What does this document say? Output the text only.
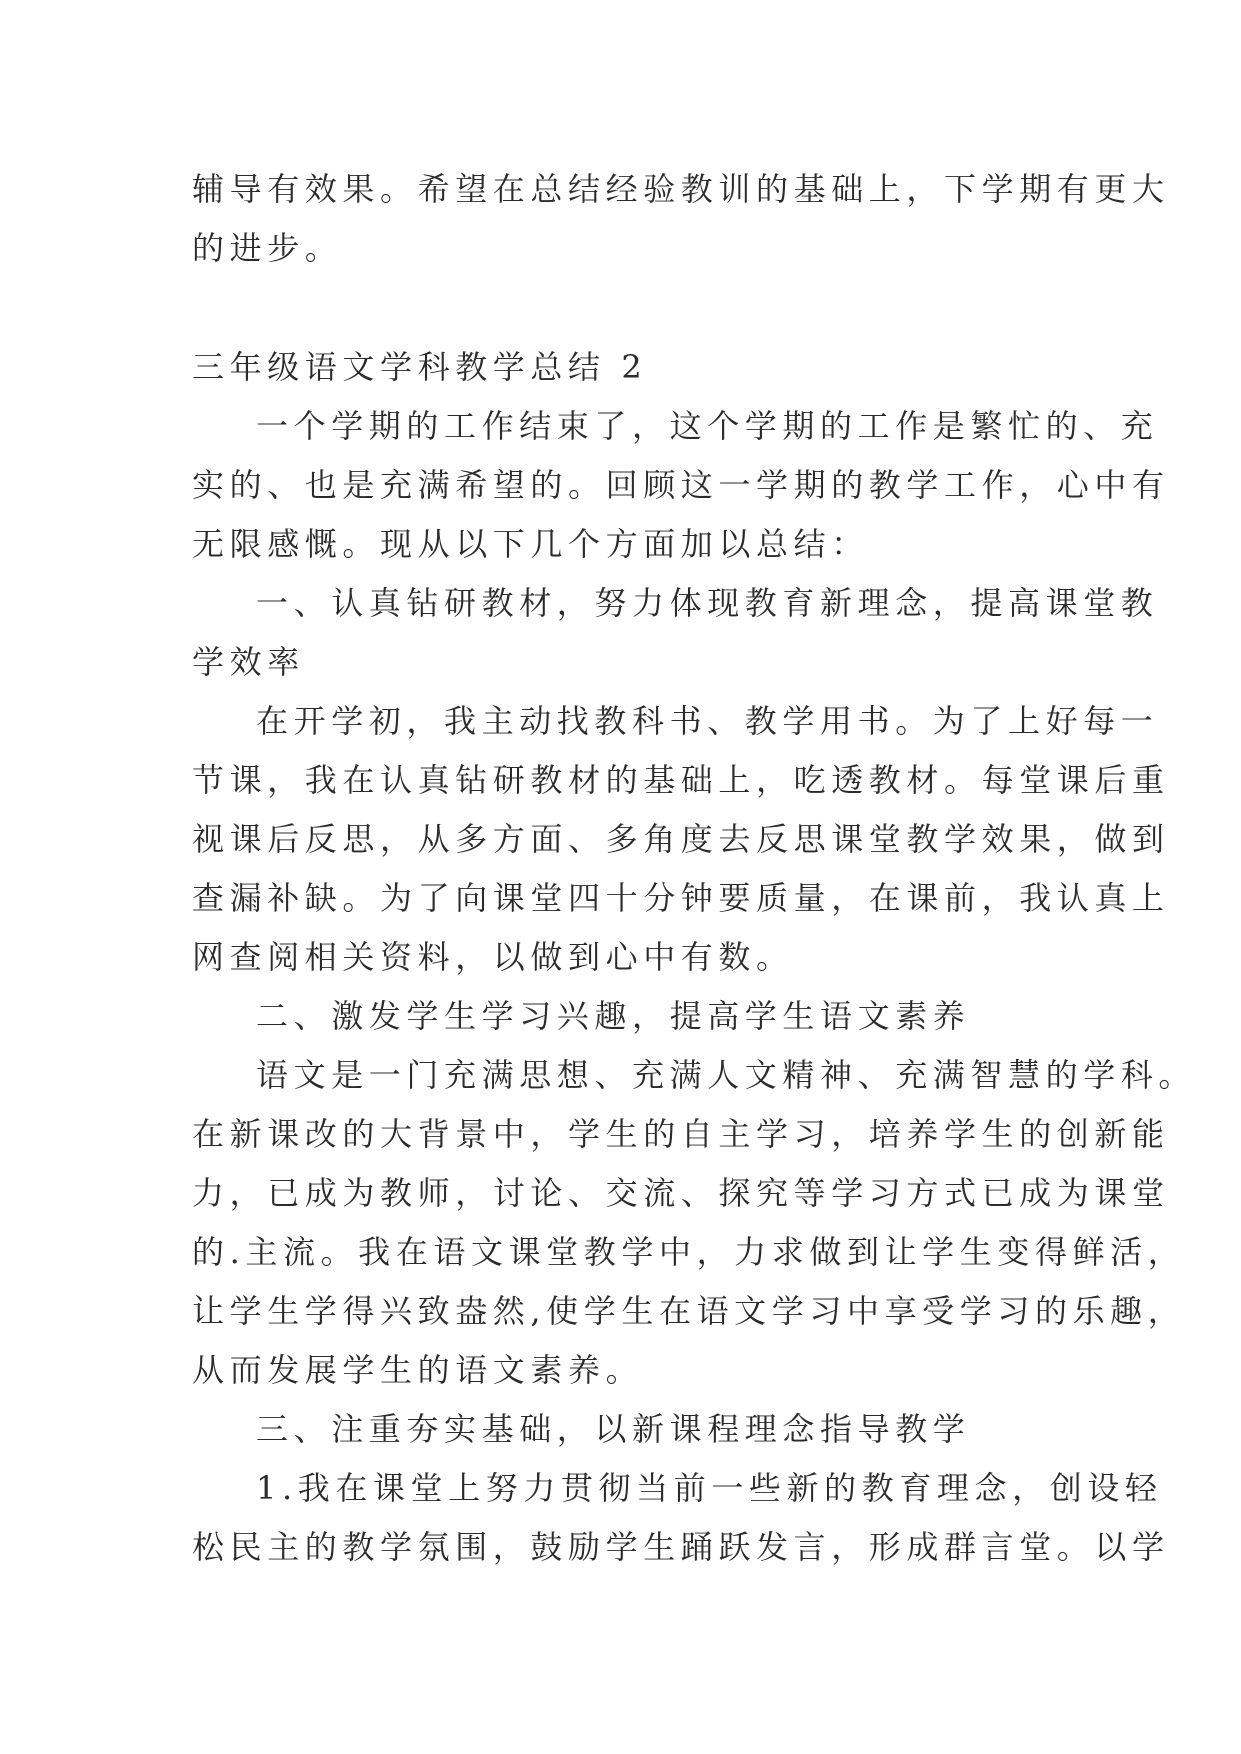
辅导有效果。希望在总结经验教训的基础上，下学期有更大

的进步。

三年级语文学科教学总结 2

一个学期的工作结束了，这个学期的工作是繁忙的、充

实的、也是充满希望的。回顾这一学期的教学工作，心中有

无限感慨。现从以下几个方面加以总结：

一、认真钻研教材，努力体现教育新理念，提高课堂教

学效率

在开学初，我主动找教科书、教学用书。为了上好每一

节课，我在认真钻研教材的基础上，吃透教材。每堂课后重

视课后反思，从多方面、多角度去反思课堂教学效果，做到

查漏补缺。为了向课堂四十分钟要质量，在课前，我认真上

网查阅相关资料，以做到心中有数。

二、激发学生学习兴趣，提高学生语文素养

语文是一门充满思想、充满人文精神、充满智慧的学科。

在新课改的大背景中，学生的自主学习，培养学生的创新能

力，已成为教师，讨论、交流、探究等学习方式已成为课堂

的.主流。我在语文课堂教学中，力求做到让学生变得鲜活，

让学生学得兴致盎然,使学生在语文学习中享受学习的乐趣，

从而发展学生的语文素养。

三、注重夯实基础，以新课程理念指导教学

1.我在课堂上努力贯彻当前一些新的教育理念，创设轻

松民主的教学氛围，鼓励学生踊跃发言，形成群言堂。以学
